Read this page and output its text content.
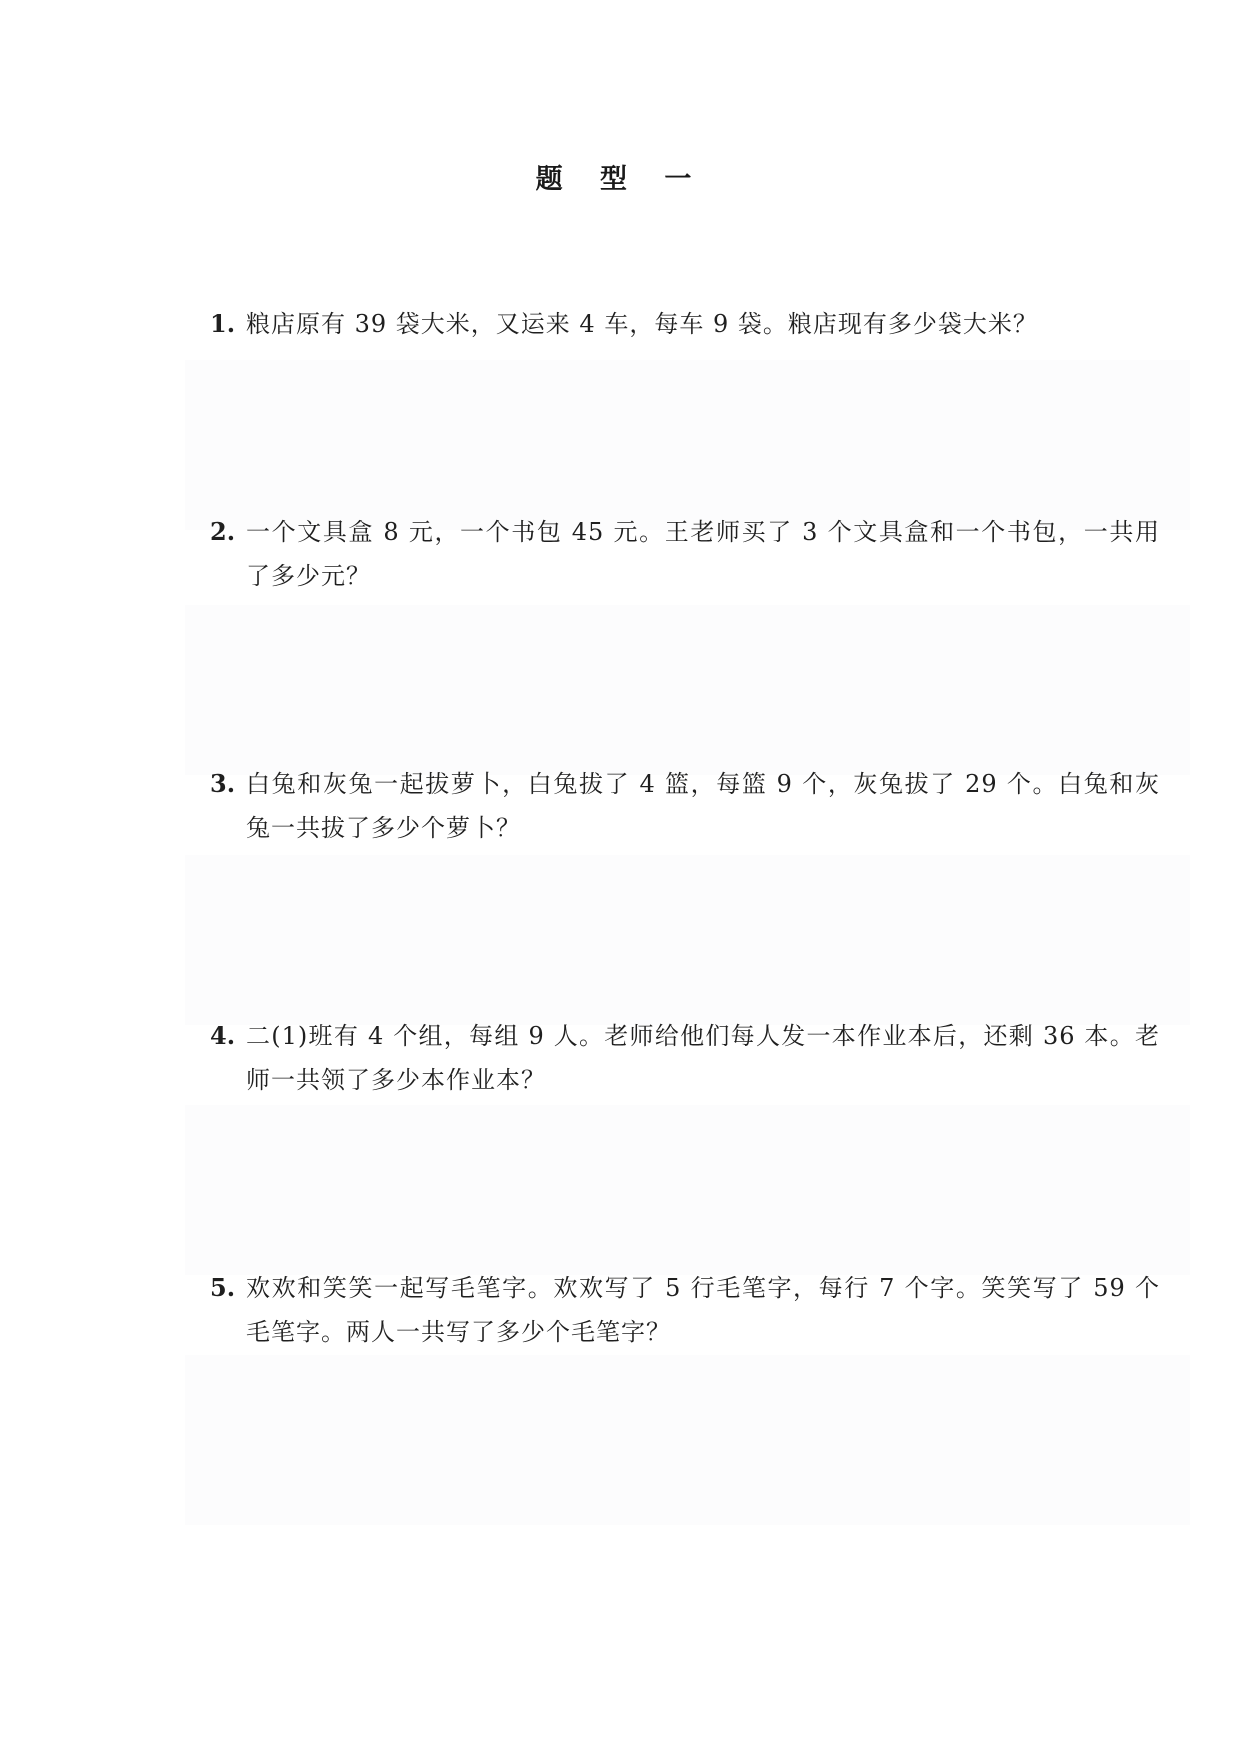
题 型 一
1. 粮店原有 39 袋大米，又运来 4 车，每车 9 袋。粮店现有多少袋大米？
2. 一个文具盒 8 元，一个书包 45 元。王老师买了 3 个文具盒和一个书包，一共用了多少元？
3. 白兔和灰兔一起拔萝卜，白兔拔了 4 篮，每篮 9 个，灰兔拔了 29 个。白兔和灰兔一共拔了多少个萝卜？
4. 二(1)班有 4 个组，每组 9 人。老师给他们每人发一本作业本后，还剩 36 本。老师一共领了多少本作业本？
5. 欢欢和笑笑一起写毛笔字。欢欢写了 5 行毛笔字，每行 7 个字。笑笑写了 59 个毛笔字。两人一共写了多少个毛笔字？
